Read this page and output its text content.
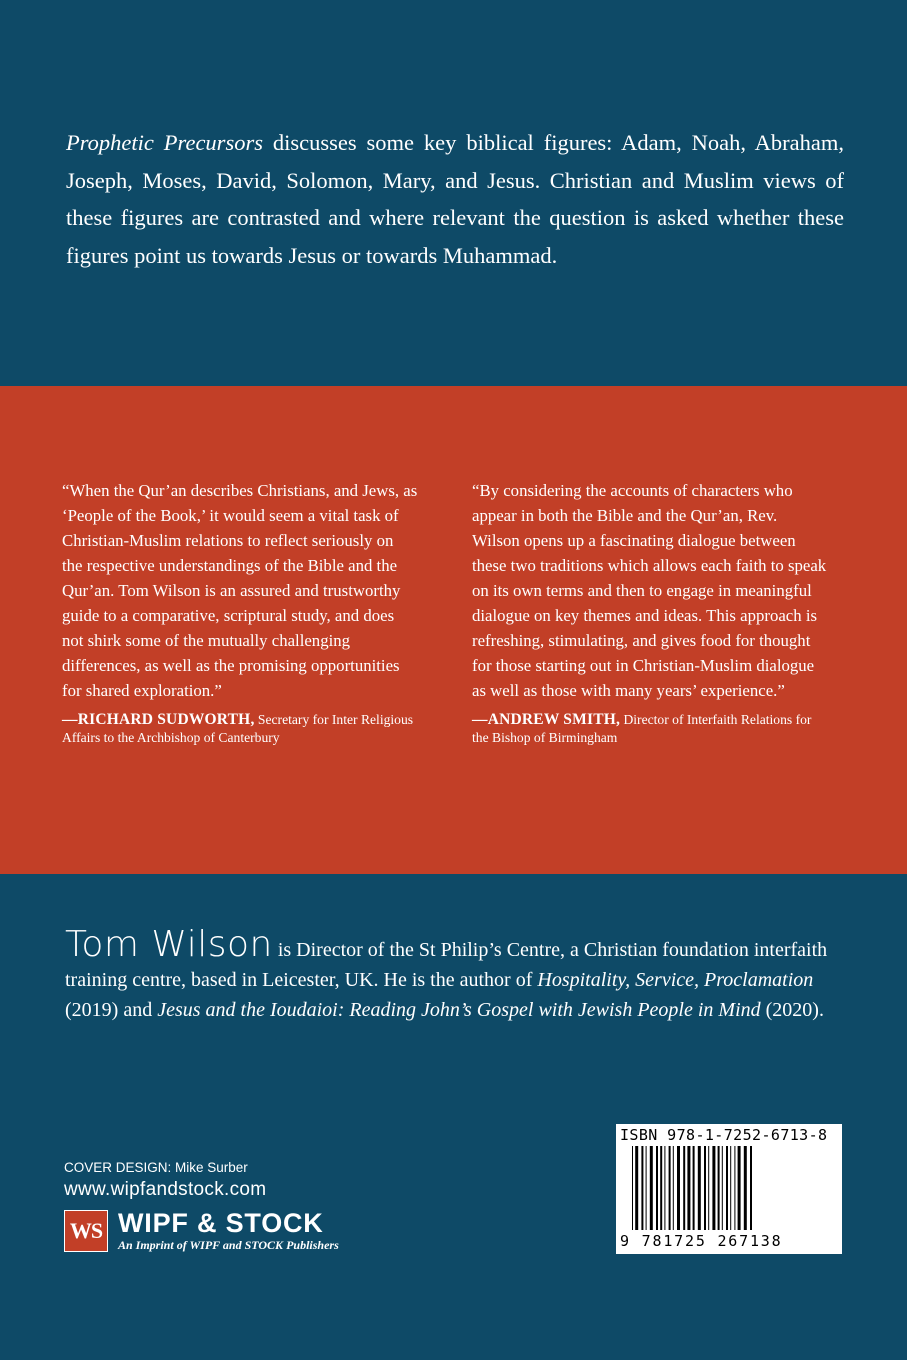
Prophetic Precursors discusses some key biblical figures: Adam, Noah, Abraham, Joseph, Moses, David, Solomon, Mary, and Jesus. Christian and Muslim views of these figures are contrasted and where relevant the question is asked whether these figures point us towards Jesus or towards Muhammad.

“When the Qur’an describes Christians, and Jews, as ‘People of the Book,’ it would seem a vital task of Christian-Muslim relations to reflect seriously on the respective understandings of the Bible and the Qur’an. Tom Wilson is an assured and trustworthy guide to a comparative, scriptural study, and does not shirk some of the mutually challenging differences, as well as the promising opportunities for shared exploration.”

—RICHARD SUDWORTH, Secretary for Inter Religious Affairs to the Archbishop of Canterbury

“By considering the accounts of characters who appear in both the Bible and the Qur’an, Rev. Wilson opens up a fascinating dialogue between these two traditions which allows each faith to speak on its own terms and then to engage in meaningful dialogue on key themes and ideas. This approach is refreshing, stimulating, and gives food for thought for those starting out in Christian-Muslim dialogue as well as those with many years’ experience.”

—ANDREW SMITH, Director of Interfaith Relations for the Bishop of Birmingham

Tom Wilson is Director of the St Philip’s Centre, a Christian foundation interfaith training centre, based in Leicester, UK. He is the author of Hospitality, Service, Proclamation (2019) and Jesus and the Ioudaioi: Reading John’s Gospel with Jewish People in Mind (2020).

COVER DESIGN: Mike Surber

www.wipfandstock.com

WS WIPF & STOCK

An Imprint of WIPF and STOCK Publishers

ISBN 978-1-7252-6713-8

9 781725 267138
